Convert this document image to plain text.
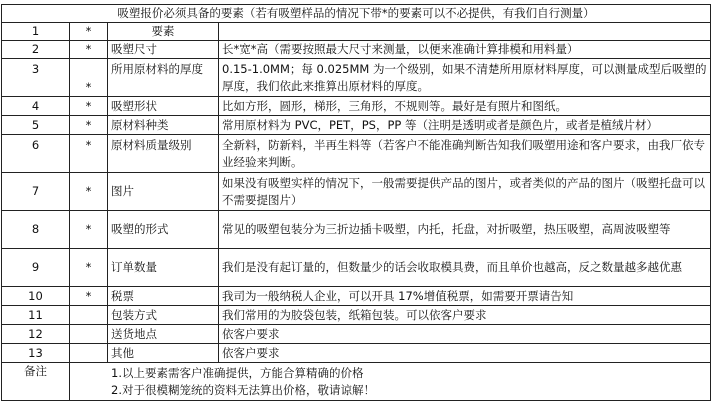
吸塑报价必须具备的要素（若有吸塑样品的情况下带*的要素可以不必提供，有我们自行测量）			
1	*	要素	
2	*	吸塑尺寸	长*宽*高（需要按照最大尺寸来测量，以便来准确计算排模和用料量）
3	*	所用原材料的厚度	0.15-1.0MM；每 0.025MM 为一个级别，如果不清楚所用原材料厚度，可以测量成型后吸塑的厚度，我们依此来推算出原材料的厚度。
4	*	吸塑形状	比如方形，圆形，梯形，三角形，不规则等。最好是有照片和图纸。
5	*	原材料种类	常用原材料为 PVC，PET，PS，PP 等（注明是透明或者是颜色片，或者是植绒片材）
6	*	原材料质量级别	全新料，防新料，半再生料等（若客户不能准确判断告知我们吸塑用途和客户要求，由我厂依专业经验来判断。
7	*	图片	如果没有吸塑实样的情况下，一般需要提供产品的图片，或者类似的产品的图片（吸塑托盘可以不需要提图片）
8	*	吸塑的形式	常见的吸塑包装分为三折边插卡吸塑，内托，托盘，对折吸塑，热压吸塑，高周波吸塑等
9	*	订单数量	我们是没有起订量的，但数量少的话会收取模具费，而且单价也越高，反之数量越多越优惠
10	*	税票	我司为一般纳税人企业，可以开具 17%增值税票，如需要开票请告知
11		包装方式	我们常用的为胶袋包装，纸箱包装。可以依客户要求
12		送货地点	依客户要求
13		其他	依客户要求
备注	1.以上要素需客户准确提供，方能合算精确的价格
2.对于很模糊笼统的资料无法算出价格，敬请谅解！		
